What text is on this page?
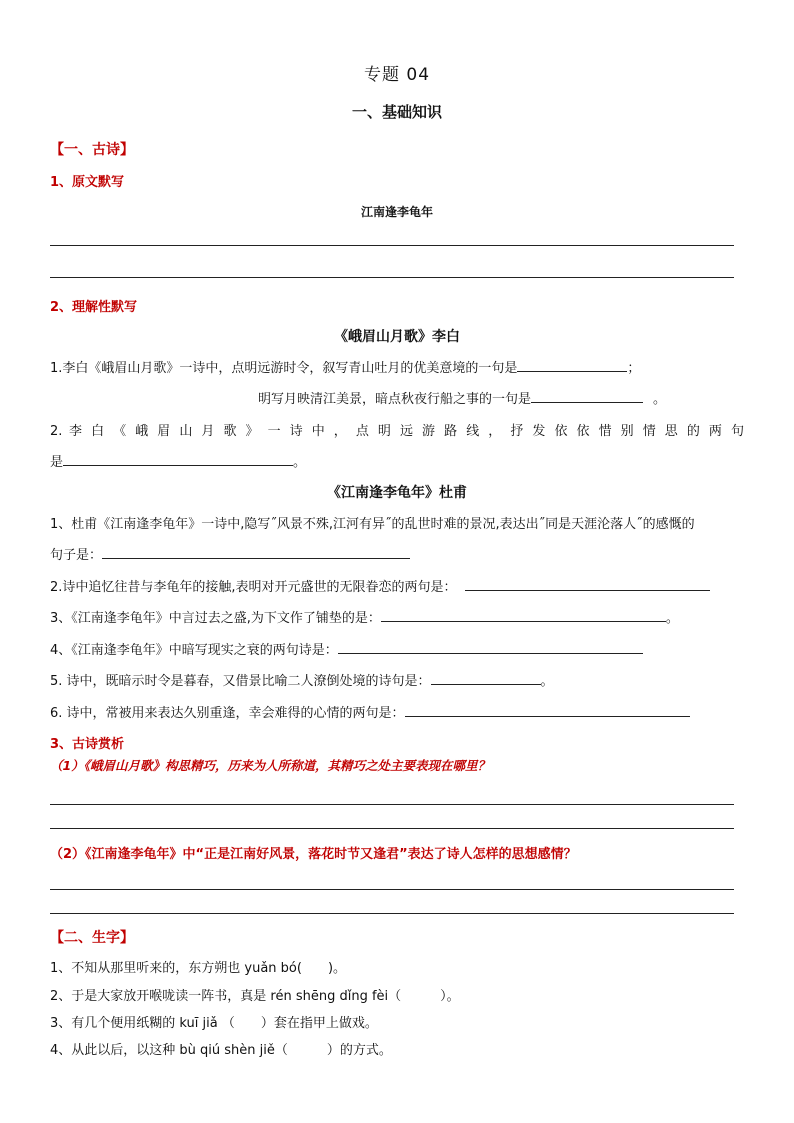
专题 04
一、基础知识
【一、古诗】
1、原文默写
江南逢李龟年
2、理解性默写
《峨眉山月歌》李白
1.李白《峨眉山月歌》一诗中，点明远游时令，叙写青山吐月的优美意境的一句是	；
明写月映清江美景，暗点秋夜行船之事的一句是	。
2. 李 白 《 峨 眉 山 月 歌 》 一 诗 中 ， 点 明 远 游 路 线 ， 抒 发 依 依 惜 别 情 思 的 两 句
是	。
《江南逢李龟年》杜甫
1、杜甫《江南逢李龟年》一诗中,隐写˝风景不殊,江河有异˝的乱世时难的景况,表达出˝同是天涯沦落人˝的感慨的
句子是：
2.诗中追忆往昔与李龟年的接触,表明对开元盛世的无限眷恋的两句是：
3、《江南逢李龟年》中言过去之盛,为下文作了铺垫的是：	。
4、《江南逢李龟年》中暗写现实之衰的两句诗是：
5. 诗中，既暗示时令是暮春，又借景比喻二人潦倒处境的诗句是：	。
6. 诗中，常被用来表达久别重逢，幸会难得的心情的两句是：
3、古诗赏析
（1）《峨眉山月歌》构思精巧，历来为人所称道，其精巧之处主要表现在哪里？
（2）《江南逢李龟年》中“正是江南好风景，落花时节又逢君”表达了诗人怎样的思想感情？
【二、生字】
1、不知从那里听来的，东方朔也 yuǎn bó(　　)。
2、于是大家放开喉咙读一阵书，真是 rén shēng dǐng fèi（　　　）。
3、有几个便用纸糊的 kuī jiǎ （　　）套在指甲上做戏。
4、从此以后，以这种 bù qiú shèn jiě（　　　）的方式。
